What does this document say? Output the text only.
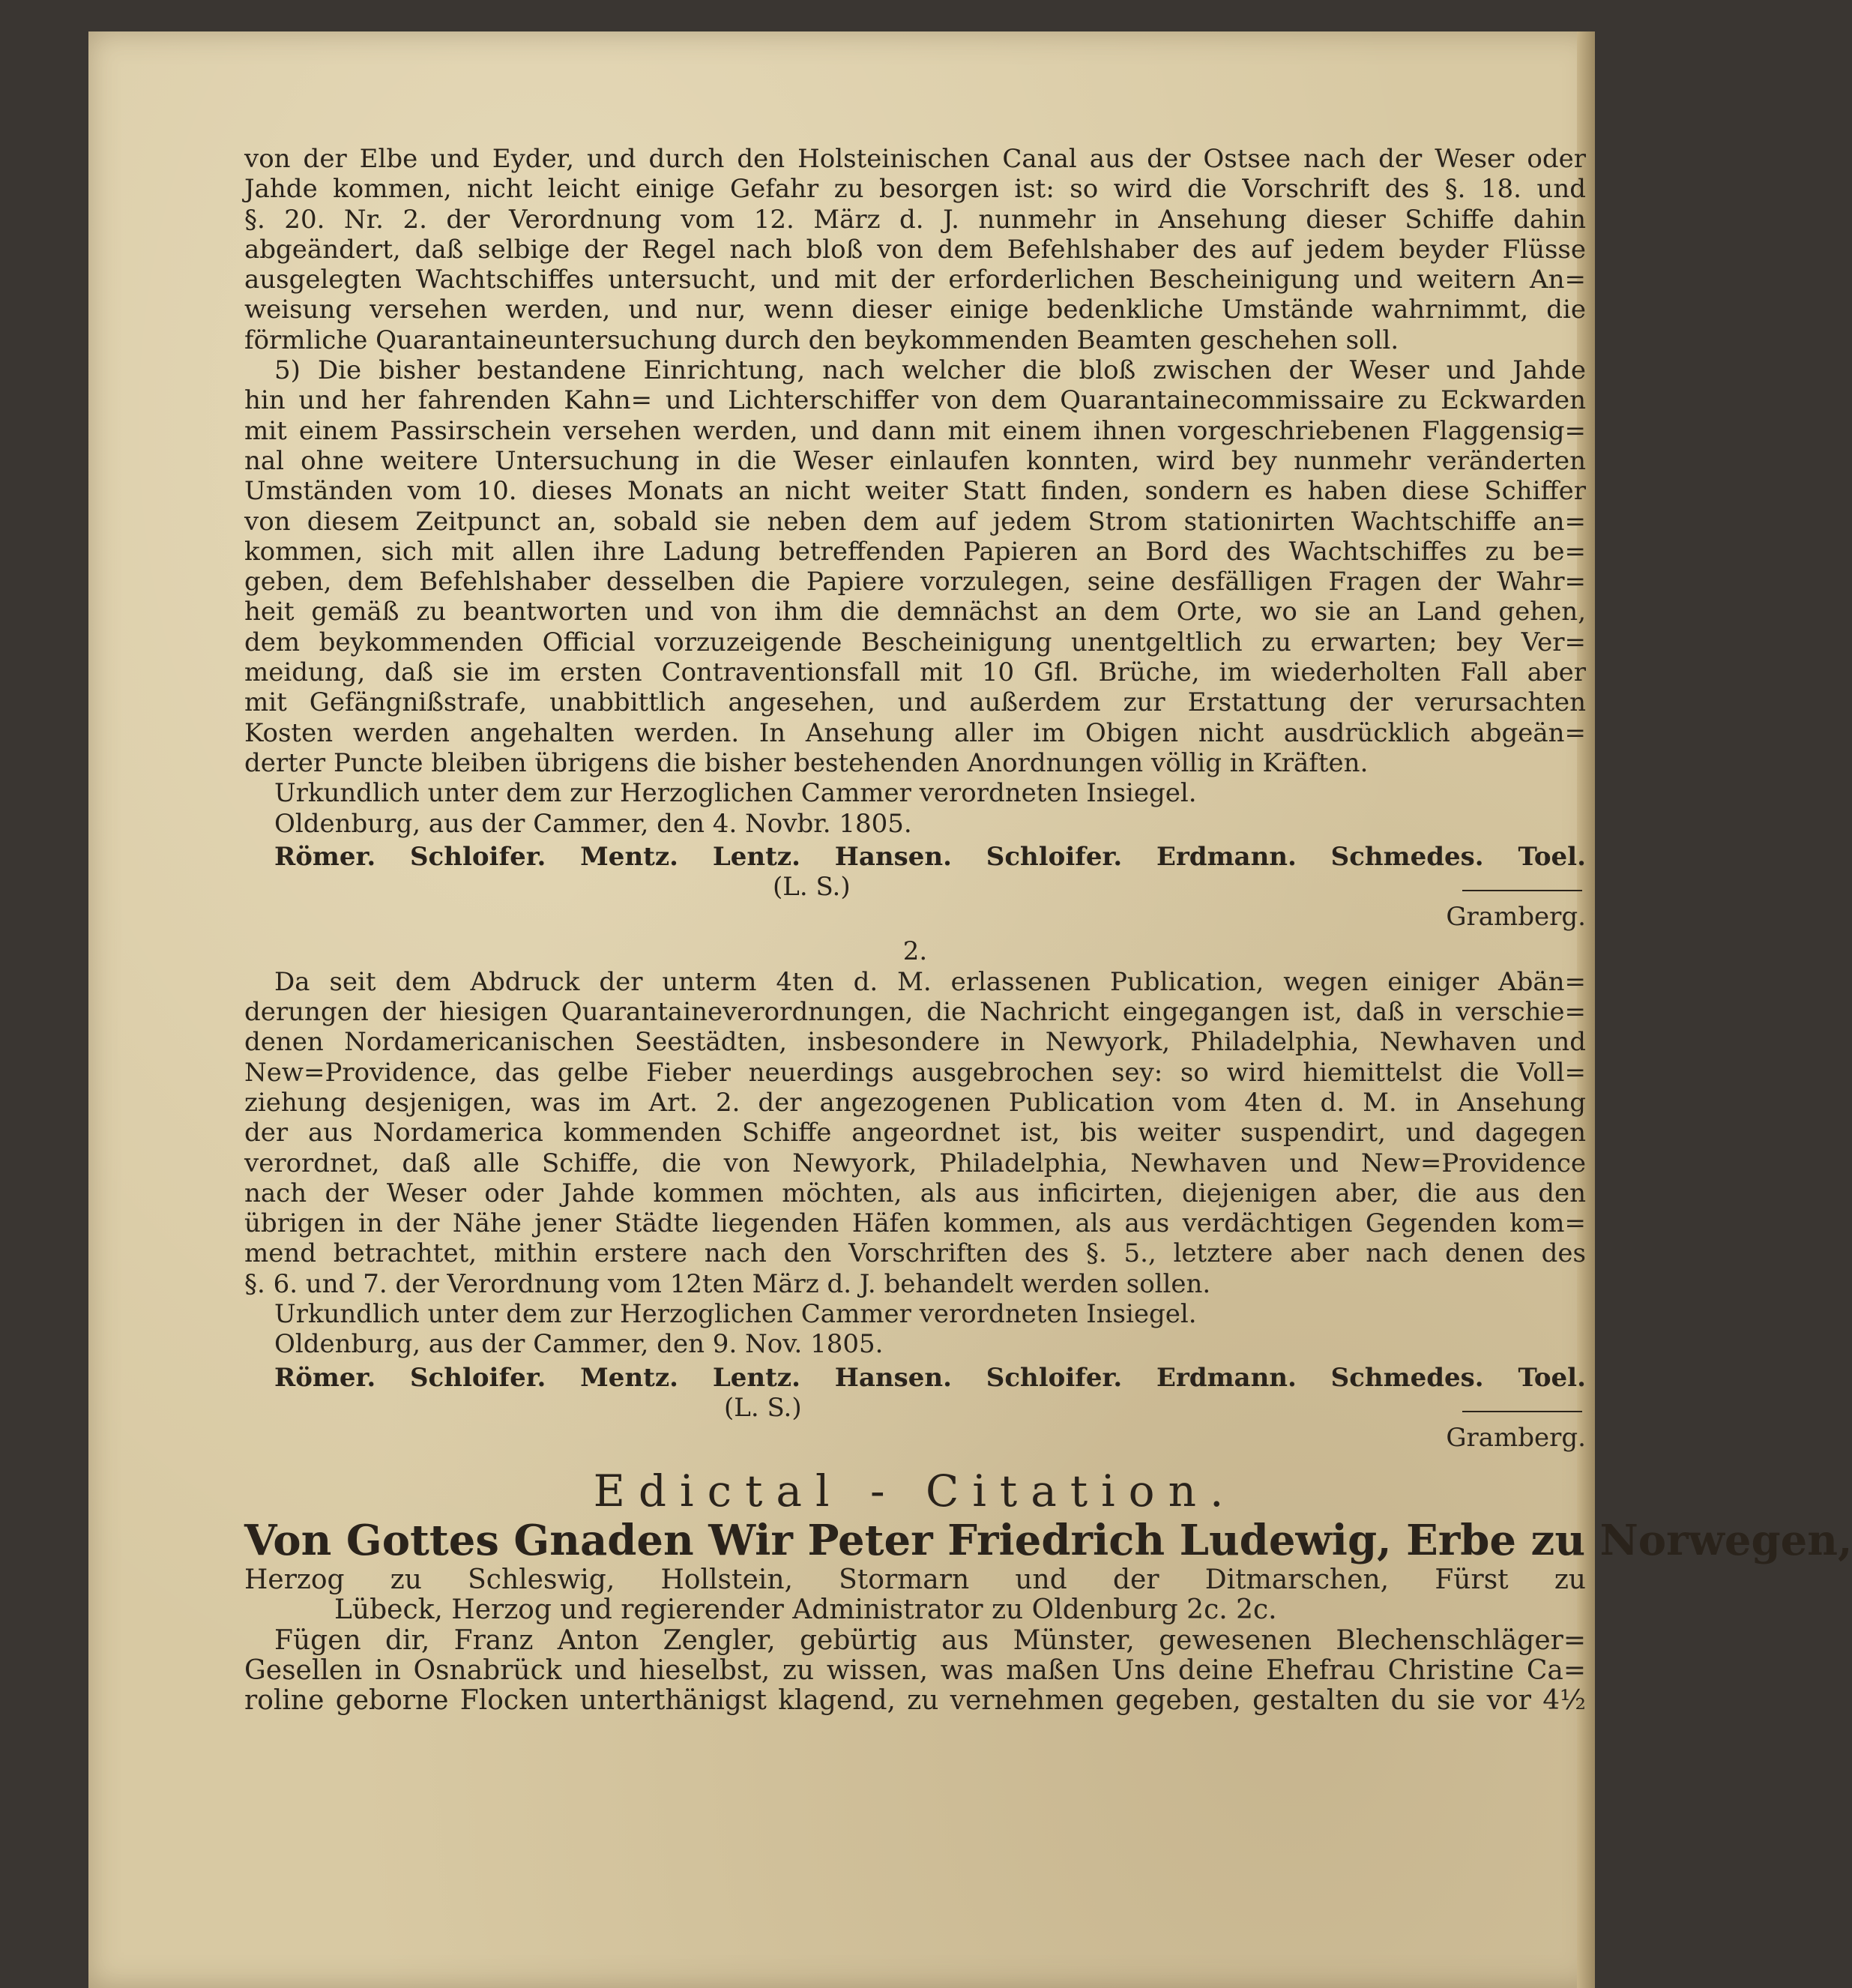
von der Elbe und Eyder, und durch den Holsteinischen Canal aus der Ostsee nach der Weser oder
Jahde kommen, nicht leicht einige Gefahr zu besorgen ist: so wird die Vorschrift des §. 18. und
§. 20. Nr. 2. der Verordnung vom 12. März d. J. nunmehr in Ansehung dieser Schiffe dahin
abgeändert, daß selbige der Regel nach bloß von dem Befehlshaber des auf jedem beyder Flüsse
ausgelegten Wachtschiffes untersucht, und mit der erforderlichen Bescheinigung und weitern An=
weisung versehen werden, und nur, wenn dieser einige bedenkliche Umstände wahrnimmt, die
förmliche Quarantaineuntersuchung durch den beykommenden Beamten geschehen soll.
5) Die bisher bestandene Einrichtung, nach welcher die bloß zwischen der Weser und Jahde
hin und her fahrenden Kahn= und Lichterschiffer von dem Quarantainecommissaire zu Eckwarden
mit einem Passirschein versehen werden, und dann mit einem ihnen vorgeschriebenen Flaggensig=
nal ohne weitere Untersuchung in die Weser einlaufen konnten, wird bey nunmehr veränderten
Umständen vom 10. dieses Monats an nicht weiter Statt finden, sondern es haben diese Schiffer
von diesem Zeitpunct an, sobald sie neben dem auf jedem Strom stationirten Wachtschiffe an=
kommen, sich mit allen ihre Ladung betreffenden Papieren an Bord des Wachtschiffes zu be=
geben, dem Befehlshaber desselben die Papiere vorzulegen, seine desfälligen Fragen der Wahr=
heit gemäß zu beantworten und von ihm die demnächst an dem Orte, wo sie an Land gehen,
dem beykommenden Official vorzuzeigende Bescheinigung unentgeltlich zu erwarten; bey Ver=
meidung, daß sie im ersten Contraventionsfall mit 10 Gfl. Brüche, im wiederholten Fall aber
mit Gefängnißstrafe, unabbittlich angesehen, und außerdem zur Erstattung der verursachten
Kosten werden angehalten werden. In Ansehung aller im Obigen nicht ausdrücklich abgeän=
derter Puncte bleiben übrigens die bisher bestehenden Anordnungen völlig in Kräften.
Urkundlich unter dem zur Herzoglichen Cammer verordneten Insiegel.
Oldenburg, aus der Cammer, den 4. Novbr. 1805.
Römer. Schloifer. Mentz. Lentz. Hansen. Schloifer. Erdmann. Schmedes. Toel.
(L. S.)
Gramberg.
2.
Da seit dem Abdruck der unterm 4ten d. M. erlassenen Publication, wegen einiger Abän=
derungen der hiesigen Quarantaineverordnungen, die Nachricht eingegangen ist, daß in verschie=
denen Nordamericanischen Seestädten, insbesondere in Newyork, Philadelphia, Newhaven und
New=Providence, das gelbe Fieber neuerdings ausgebrochen sey: so wird hiemittelst die Voll=
ziehung desjenigen, was im Art. 2. der angezogenen Publication vom 4ten d. M. in Ansehung
der aus Nordamerica kommenden Schiffe angeordnet ist, bis weiter suspendirt, und dagegen
verordnet, daß alle Schiffe, die von Newyork, Philadelphia, Newhaven und New=Providence
nach der Weser oder Jahde kommen möchten, als aus inficirten, diejenigen aber, die aus den
übrigen in der Nähe jener Städte liegenden Häfen kommen, als aus verdächtigen Gegenden kom=
mend betrachtet, mithin erstere nach den Vorschriften des §. 5., letztere aber nach denen des
§. 6. und 7. der Verordnung vom 12ten März d. J. behandelt werden sollen.
Urkundlich unter dem zur Herzoglichen Cammer verordneten Insiegel.
Oldenburg, aus der Cammer, den 9. Nov. 1805.
Römer. Schloifer. Mentz. Lentz. Hansen. Schloifer. Erdmann. Schmedes. Toel.
(L. S.)
Gramberg.
Edictal - Citation.
Von Gottes Gnaden Wir Peter Friedrich Ludewig, Erbe zu Norwegen,
Herzog zu Schleswig, Hollstein, Stormarn und der Ditmarschen, Fürst zu
Lübeck, Herzog und regierender Administrator zu Oldenburg 2c. 2c.
Fügen dir, Franz Anton Zengler, gebürtig aus Münster, gewesenen Blechenschläger=
Gesellen in Osnabrück und hieselbst, zu wissen, was maßen Uns deine Ehefrau Christine Ca=
roline geborne Flocken unterthänigst klagend, zu vernehmen gegeben, gestalten du sie vor 4½
